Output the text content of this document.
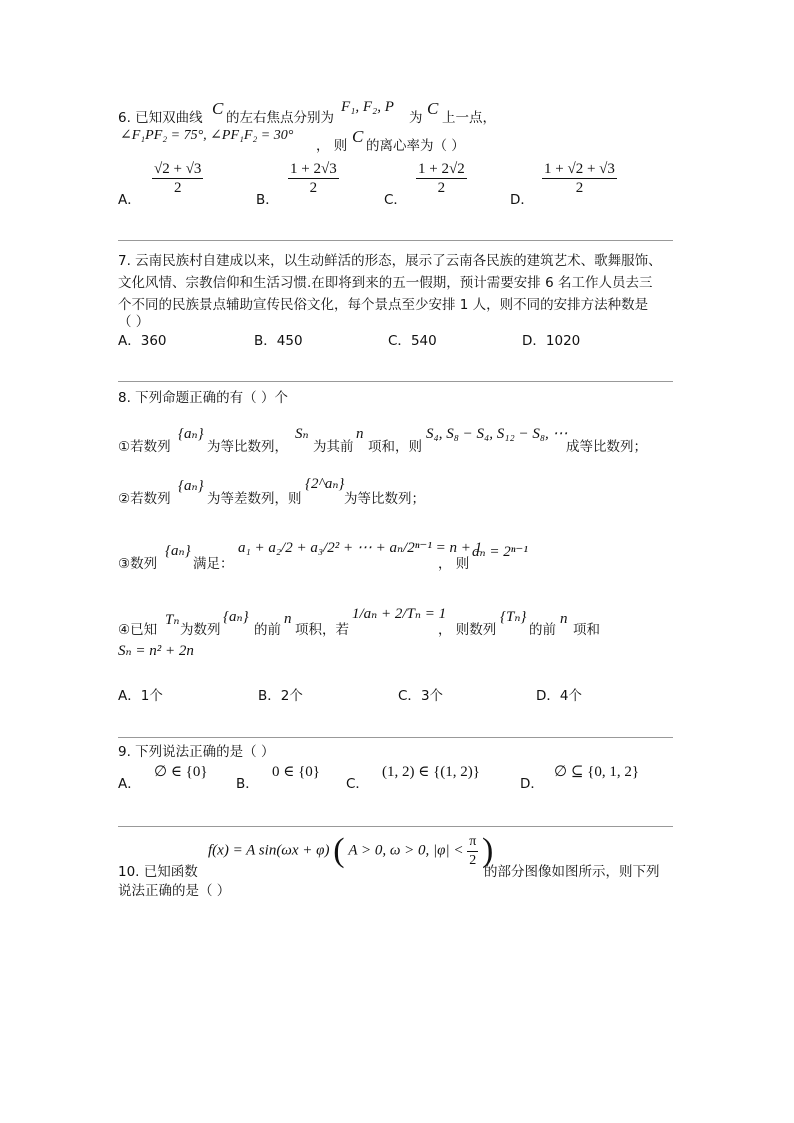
6. 已知双曲线 C 的左右焦点分别为
F₁, F₂, P
为 C 上一点，
∠F₁PF₂ = 75°, ∠PF₁F₂ = 30°
， 则 C 的离心率为（ ）
A．
$\frac{√2 + √3}{2}$
B．
$\frac{1 + 2√3}{2}$
C．
$\frac{1 + 2√2}{2}$
D．
$\frac{1 + √2 + √3}{2}$
7. 云南民族村自建成以来，以生动鲜活的形态，展示了云南各民族的建筑艺术、歌舞服饰、
文化风情、宗教信仰和生活习惯.在即将到来的五一假期，预计需要安排 6 名工作人员去三
个不同的民族景点辅助宣传民俗文化，每个景点至少安排 1 人，则不同的安排方法种数是
（ ）
A．360	B．450	C．540	D．1020
8. 下列命题正确的有（ ）个
①若数列
{aₙ}
为等比数列，
Sₙ
为其前
n
项和，则
S₄, S₈ − S₄, S₁₂ − S₈, ⋯
成等比数列；
②若数列
{aₙ}
为等差数列，则
{2^aₙ}
为等比数列；
③数列
{aₙ}
满足：
a₁ + a₂/2 + a₃/2² + ⋯ + aₙ/2ⁿ⁻¹ = n + 1
， 则
aₙ = 2ⁿ⁻¹
④已知
Tₙ
为数列
{aₙ}
的前
n
项积，若
1/aₙ + 2/Tₙ = 1
， 则数列
{Tₙ}
的前
n
项和
Sₙ = n² + 2n
A．1个	B．2个	C．3个	D．4个
9. 下列说法正确的是（ ）
A．
∅ ∈ {0}
B．
0 ∈ {0}
C．
(1, 2) ∈ {(1, 2)}
D．
∅ ⊆ {0, 1, 2}
10. 已知函数
f(x) = A sin(ωx + φ) ( A > 0, ω > 0, $|\varphi| < \frac{\pi}{2}$ )
的部分图像如图所示，则下列
说法正确的是（ ）
